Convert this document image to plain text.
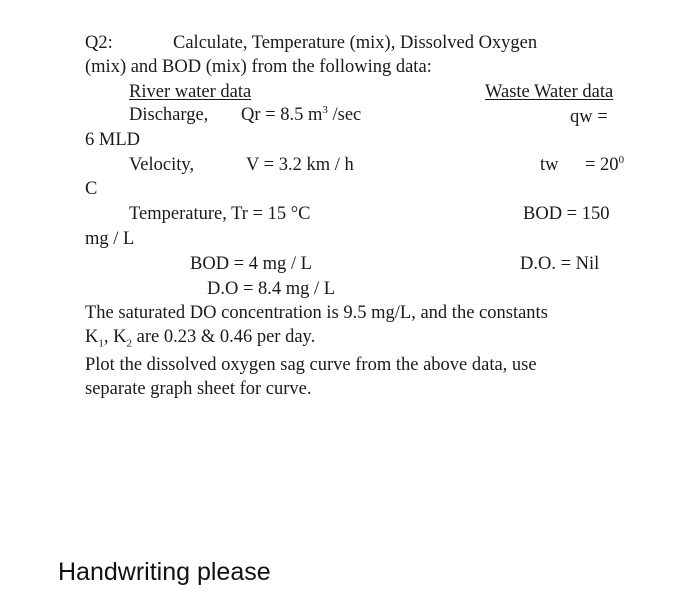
Q2:	Calculate, Temperature (mix), Dissolved Oxygen
(mix) and BOD (mix) from the following data:
River water data	Waste Water data
Discharge, Qr = 8.5 $m^3$ /sec	qw =
6 MLD
Velocity,	V = 3.2 km / h	tw = $20^0$
C
Temperature, Tr = 15 °C	BOD = 150
mg / L
BOD = 4 mg / L	D.O. = Nil
D.O = 8.4 mg / L
The saturated DO concentration is 9.5 mg/L, and the constants
$K_1$, $K_2$ are 0.23 & 0.46 per day.
Plot the dissolved oxygen sag curve from the above data, use
separate graph sheet for curve.
Handwriting please
